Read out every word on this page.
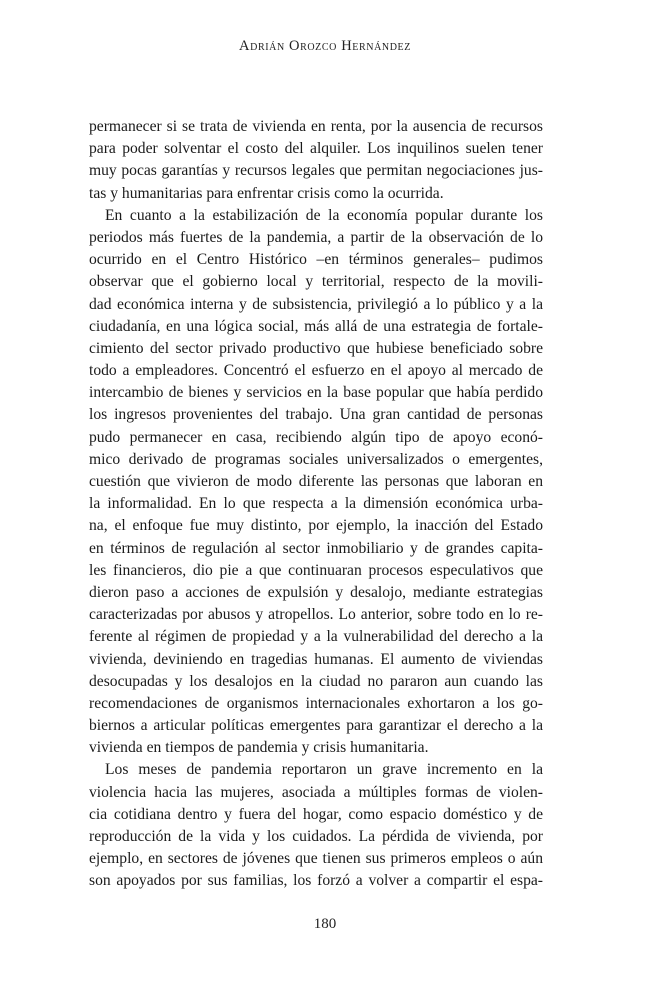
Adrián Orozco Hernández
permanecer si se trata de vivienda en renta, por la ausencia de recursos
para poder solventar el costo del alquiler. Los inquilinos suelen tener
muy pocas garantías y recursos legales que permitan negociaciones jus-
tas y humanitarias para enfrentar crisis como la ocurrida.
En cuanto a la estabilización de la economía popular durante los
periodos más fuertes de la pandemia, a partir de la observación de lo
ocurrido en el Centro Histórico –en términos generales– pudimos
observar que el gobierno local y territorial, respecto de la movili-
dad económica interna y de subsistencia, privilegió a lo público y a la
ciudadanía, en una lógica social, más allá de una estrategia de fortale-
cimiento del sector privado productivo que hubiese beneficiado sobre
todo a empleadores. Concentró el esfuerzo en el apoyo al mercado de
intercambio de bienes y servicios en la base popular que había perdido
los ingresos provenientes del trabajo. Una gran cantidad de personas
pudo permanecer en casa, recibiendo algún tipo de apoyo econó-
mico derivado de programas sociales universalizados o emergentes,
cuestión que vivieron de modo diferente las personas que laboran en
la informalidad. En lo que respecta a la dimensión económica urba-
na, el enfoque fue muy distinto, por ejemplo, la inacción del Estado
en términos de regulación al sector inmobiliario y de grandes capita-
les financieros, dio pie a que continuaran procesos especulativos que
dieron paso a acciones de expulsión y desalojo, mediante estrategias
caracterizadas por abusos y atropellos. Lo anterior, sobre todo en lo re-
ferente al régimen de propiedad y a la vulnerabilidad del derecho a la
vivienda, deviniendo en tragedias humanas. El aumento de viviendas
desocupadas y los desalojos en la ciudad no pararon aun cuando las
recomendaciones de organismos internacionales exhortaron a los go-
biernos a articular políticas emergentes para garantizar el derecho a la
vivienda en tiempos de pandemia y crisis humanitaria.
Los meses de pandemia reportaron un grave incremento en la
violencia hacia las mujeres, asociada a múltiples formas de violen-
cia cotidiana dentro y fuera del hogar, como espacio doméstico y de
reproducción de la vida y los cuidados. La pérdida de vivienda, por
ejemplo, en sectores de jóvenes que tienen sus primeros empleos o aún
son apoyados por sus familias, los forzó a volver a compartir el espa-
180
